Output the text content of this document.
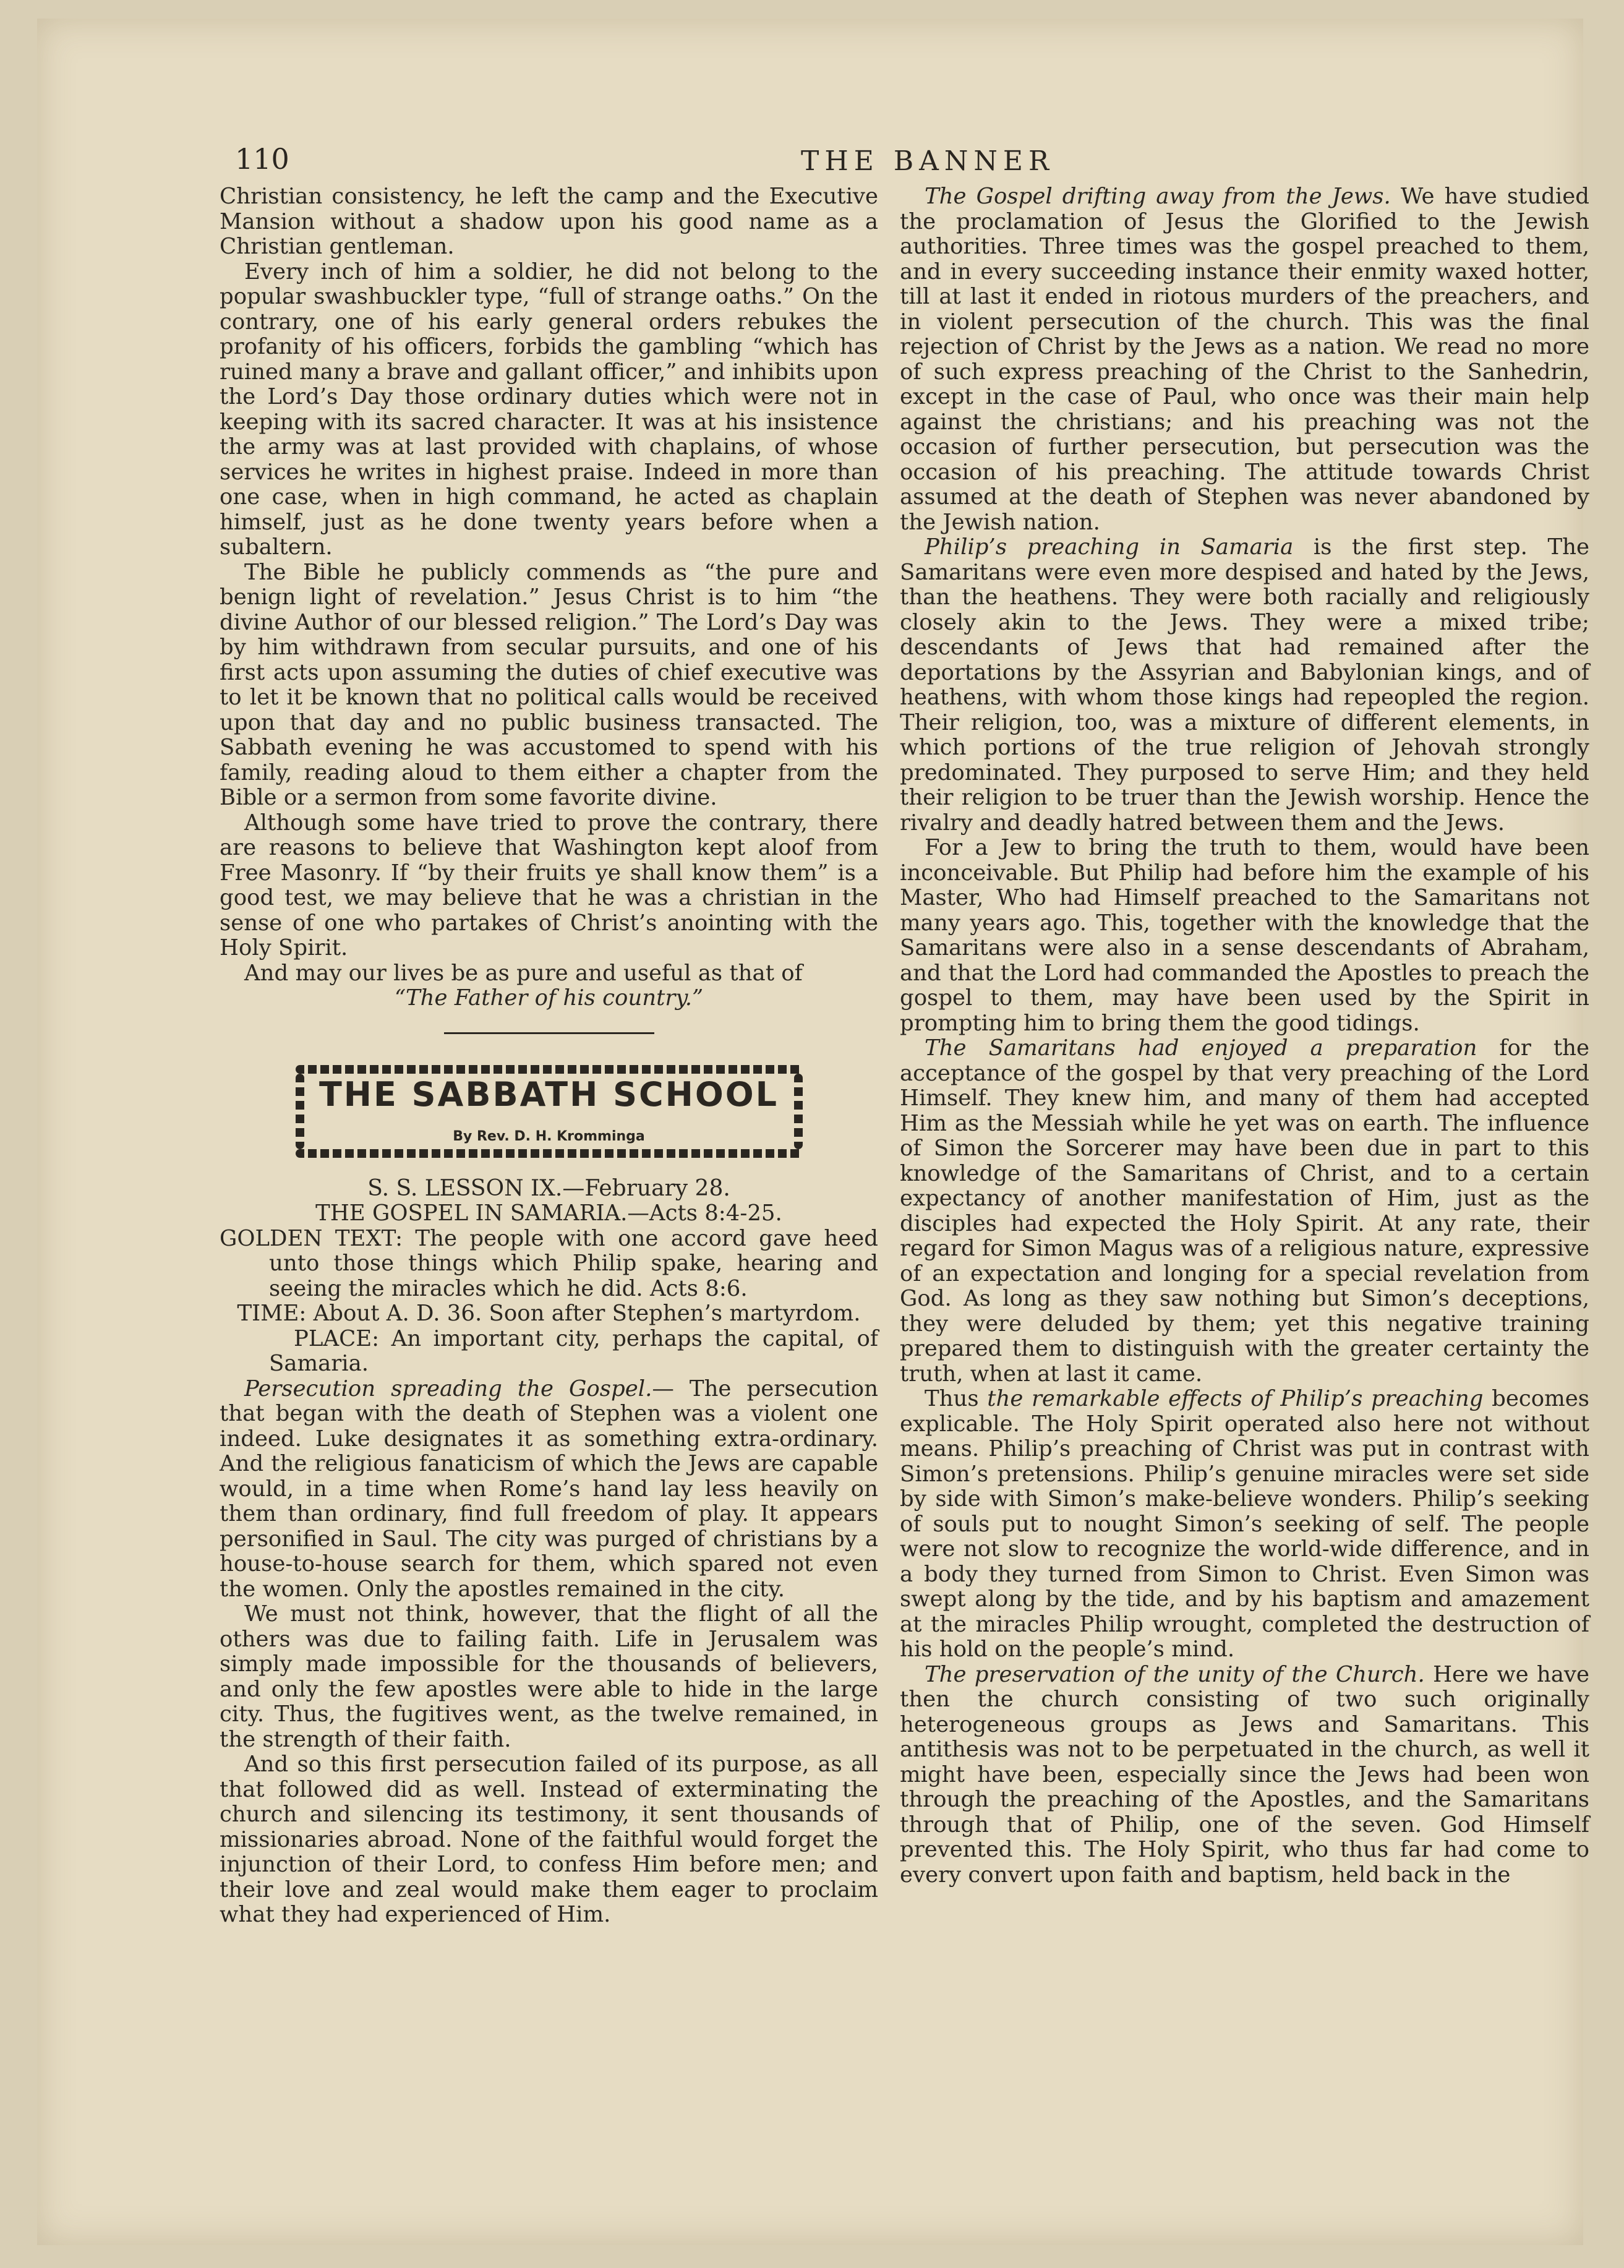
110	THE BANNER

Christian consistency, he left the camp and the Executive Mansion without a shadow upon his good name as a Christian gentleman.

Every inch of him a soldier, he did not belong to the popular swashbuckler type, “full of strange oaths.” On the contrary, one of his early general orders rebukes the profanity of his officers, forbids the gambling “which has ruined many a brave and gallant officer,” and inhibits upon the Lord’s Day those ordinary duties which were not in keeping with its sacred character. It was at his insistence the army was at last provided with chaplains, of whose services he writes in highest praise. Indeed in more than one case, when in high command, he acted as chaplain himself, just as he done twenty years before when a subaltern.

The Bible he publicly commends as “the pure and benign light of revelation.” Jesus Christ is to him “the divine Author of our blessed religion.” The Lord’s Day was by him withdrawn from secular pursuits, and one of his first acts upon assuming the duties of chief executive was to let it be known that no political calls would be received upon that day and no public business transacted. The Sabbath evening he was accustomed to spend with his family, reading aloud to them either a chapter from the Bible or a sermon from some favorite divine.

Although some have tried to prove the contrary, there are reasons to believe that Washington kept aloof from Free Masonry. If “by their fruits ye shall know them” is a good test, we may believe that he was a christian in the sense of one who partakes of Christ’s anointing with the Holy Spirit.

And may our lives be as pure and useful as that of

“The Father of his country.”

THE SABBATH SCHOOL
By Rev. D. H. Kromminga

S. S. LESSON IX.—February 28.

THE GOSPEL IN SAMARIA.—Acts 8:4-25.

GOLDEN TEXT: The people with one accord gave heed unto those things which Philip spake, hearing and seeing the miracles which he did. Acts 8:6.

TIME: About A. D. 36. Soon after Stephen’s martyrdom.

PLACE: An important city, perhaps the capital, of Samaria.

Persecution spreading the Gospel.— The persecution that began with the death of Stephen was a violent one indeed. Luke designates it as something extra-ordinary. And the religious fanaticism of which the Jews are capable would, in a time when Rome’s hand lay less heavily on them than ordinary, find full freedom of play. It appears personified in Saul. The city was purged of christians by a house-to-house search for them, which spared not even the women. Only the apostles remained in the city.

We must not think, however, that the flight of all the others was due to failing faith. Life in Jerusalem was simply made impossible for the thousands of believers, and only the few apostles were able to hide in the large city. Thus, the fugitives went, as the twelve remained, in the strength of their faith.

And so this first persecution failed of its purpose, as all that followed did as well. Instead of exterminating the church and silencing its testimony, it sent thousands of missionaries abroad. None of the faithful would forget the injunction of their Lord, to confess Him before men; and their love and zeal would make them eager to proclaim what they had experienced of Him.

The Gospel drifting away from the Jews. We have studied the proclamation of Jesus the Glorified to the Jewish authorities. Three times was the gospel preached to them, and in every succeeding instance their enmity waxed hotter, till at last it ended in riotous murders of the preachers, and in violent persecution of the church. This was the final rejection of Christ by the Jews as a nation. We read no more of such express preaching of the Christ to the Sanhedrin, except in the case of Paul, who once was their main help against the christians; and his preaching was not the occasion of further persecution, but persecution was the occasion of his preaching. The attitude towards Christ assumed at the death of Stephen was never abandoned by the Jewish nation.

Philip’s preaching in Samaria is the first step. The Samaritans were even more despised and hated by the Jews, than the heathens. They were both racially and religiously closely akin to the Jews. They were a mixed tribe; descendants of Jews that had remained after the deportations by the Assyrian and Babylonian kings, and of heathens, with whom those kings had repeopled the region. Their religion, too, was a mixture of different elements, in which portions of the true religion of Jehovah strongly predominated. They purposed to serve Him; and they held their religion to be truer than the Jewish worship. Hence the rivalry and deadly hatred between them and the Jews.

For a Jew to bring the truth to them, would have been inconceivable. But Philip had before him the example of his Master, Who had Himself preached to the Samaritans not many years ago. This, together with the knowledge that the Samaritans were also in a sense descendants of Abraham, and that the Lord had commanded the Apostles to preach the gospel to them, may have been used by the Spirit in prompting him to bring them the good tidings.

The Samaritans had enjoyed a preparation for the acceptance of the gospel by that very preaching of the Lord Himself. They knew him, and many of them had accepted Him as the Messiah while he yet was on earth. The influence of Simon the Sorcerer may have been due in part to this knowledge of the Samaritans of Christ, and to a certain expectancy of another manifestation of Him, just as the disciples had expected the Holy Spirit. At any rate, their regard for Simon Magus was of a religious nature, expressive of an expectation and longing for a special revelation from God. As long as they saw nothing but Simon’s deceptions, they were deluded by them; yet this negative training prepared them to distinguish with the greater certainty the truth, when at last it came.

Thus the remarkable effects of Philip’s preaching becomes explicable. The Holy Spirit operated also here not without means. Philip’s preaching of Christ was put in contrast with Simon’s pretensions. Philip’s genuine miracles were set side by side with Simon’s make-believe wonders. Philip’s seeking of souls put to nought Simon’s seeking of self. The people were not slow to recognize the world-wide difference, and in a body they turned from Simon to Christ. Even Simon was swept along by the tide, and by his baptism and amazement at the miracles Philip wrought, completed the destruction of his hold on the people’s mind.

The preservation of the unity of the Church. Here we have then the church consisting of two such originally heterogeneous groups as Jews and Samaritans. This antithesis was not to be perpetuated in the church, as well it might have been, especially since the Jews had been won through the preaching of the Apostles, and the Samaritans through that of Philip, one of the seven. God Himself prevented this. The Holy Spirit, who thus far had come to every convert upon faith and baptism, held back in the
